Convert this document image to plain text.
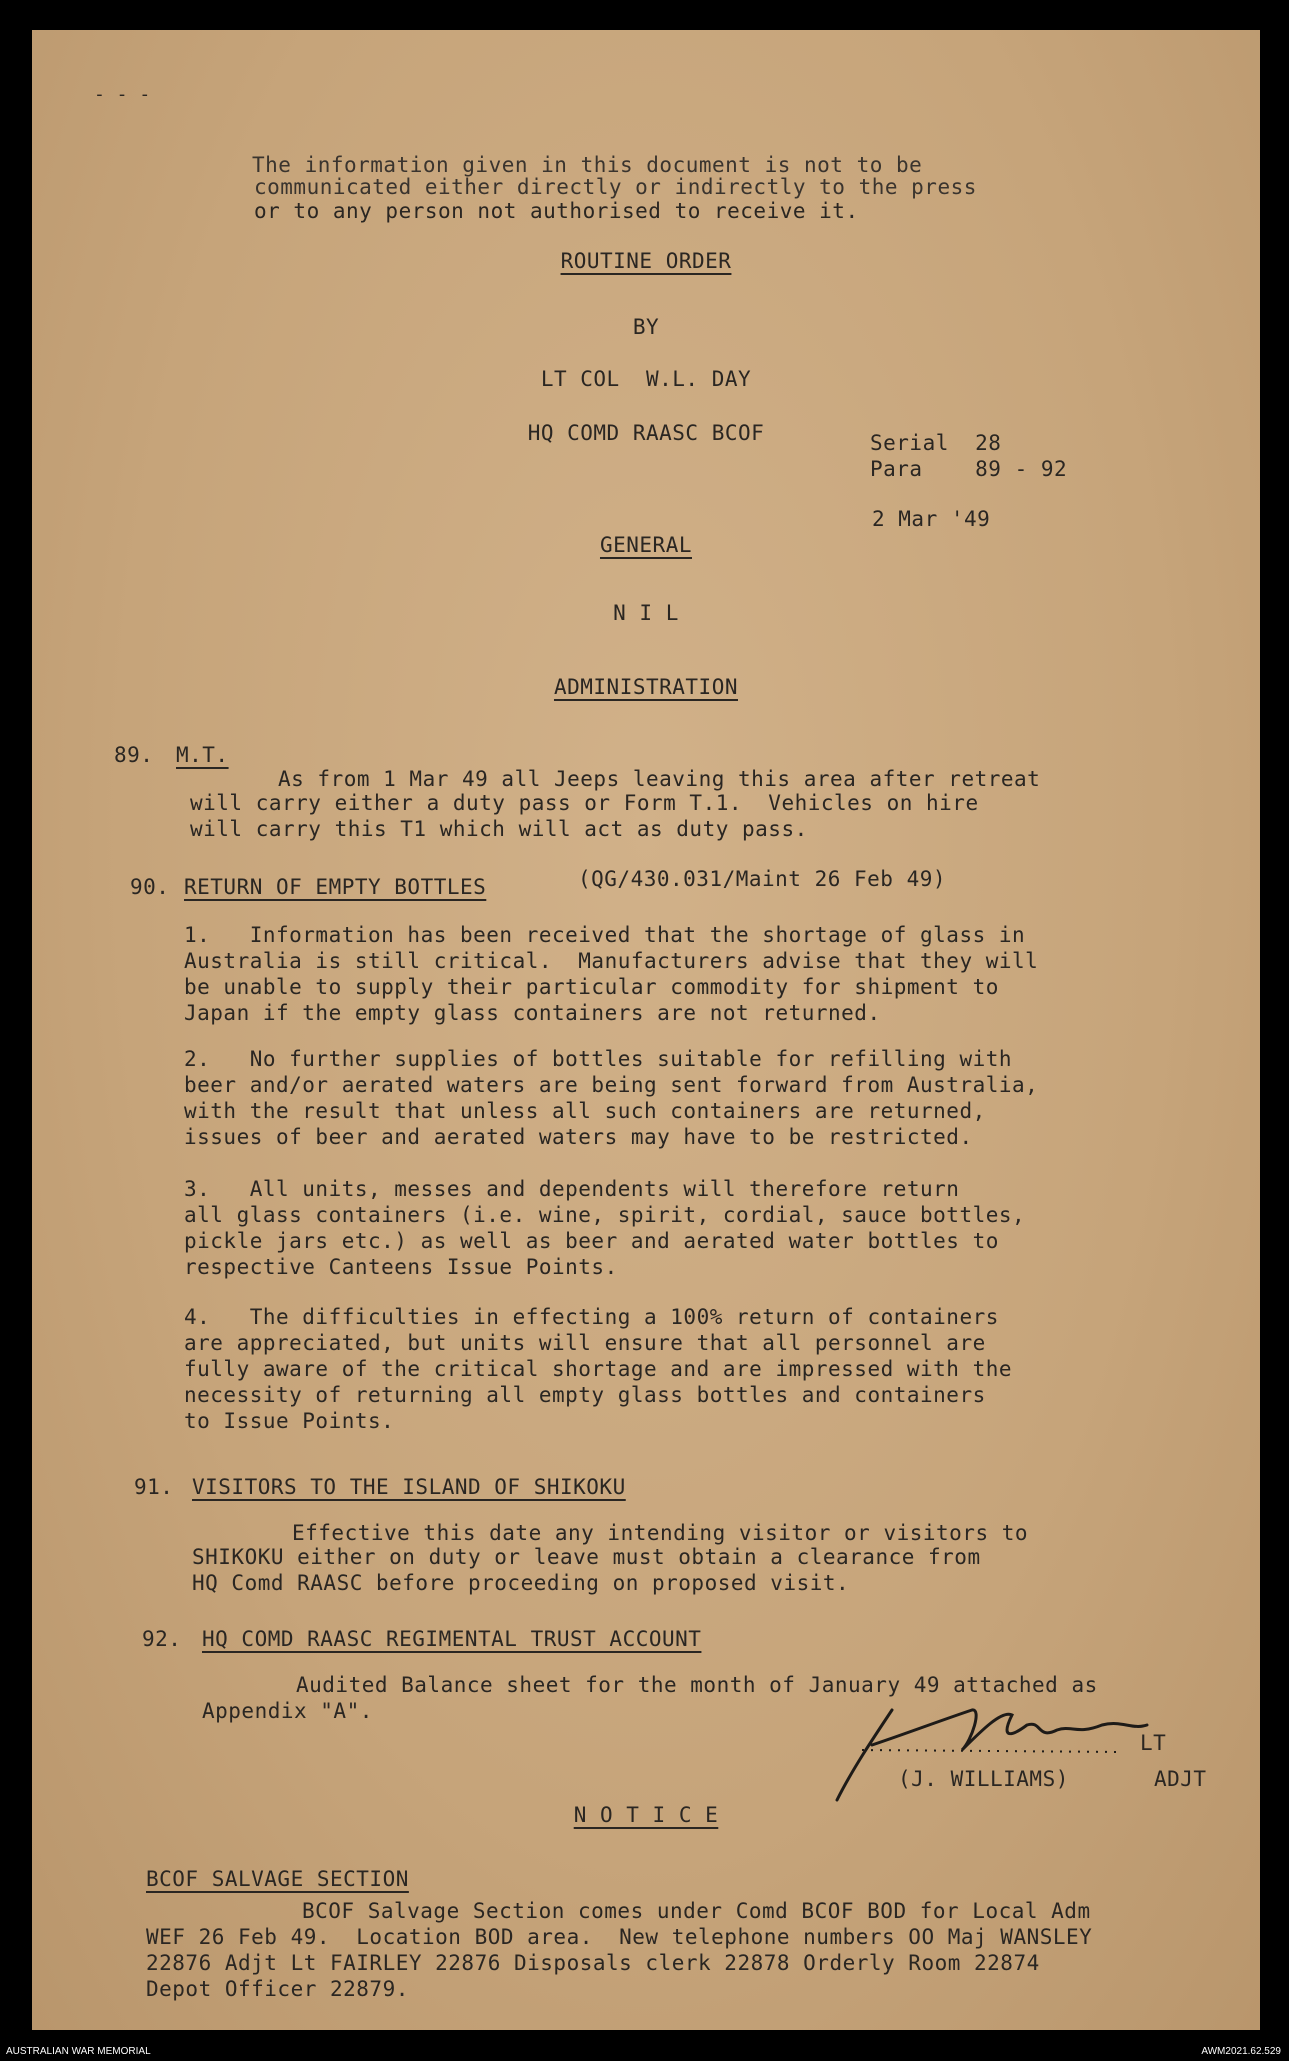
- - -
The information given in this document is not to be
communicated either directly or indirectly to the press
or to any person not authorised to receive it.
ROUTINE ORDER
BY
LT COL  W.L. DAY
HQ COMD RAASC BCOF	Serial  28
Para    89 - 92
2 Mar '49
GENERAL
N I L
ADMINISTRATION
89. M.T.
As from 1 Mar 49 all Jeeps leaving this area after retreat
will carry either a duty pass or Form T.1.  Vehicles on hire
will carry this T1 which will act as duty pass.
90. RETURN OF EMPTY BOTTLES	(QG/430.031/Maint 26 Feb 49)
1.   Information has been received that the shortage of glass in
Australia is still critical.  Manufacturers advise that they will
be unable to supply their particular commodity for shipment to
Japan if the empty glass containers are not returned.
2.   No further supplies of bottles suitable for refilling with
beer and/or aerated waters are being sent forward from Australia,
with the result that unless all such containers are returned,
issues of beer and aerated waters may have to be restricted.
3.   All units, messes and dependents will therefore return
all glass containers (i.e. wine, spirit, cordial, sauce bottles,
pickle jars etc.) as well as beer and aerated water bottles to
respective Canteens Issue Points.
4.   The difficulties in effecting a 100% return of containers
are appreciated, but units will ensure that all personnel are
fully aware of the critical shortage and are impressed with the
necessity of returning all empty glass bottles and containers
to Issue Points.
91. VISITORS TO THE ISLAND OF SHIKOKU
Effective this date any intending visitor or visitors to
SHIKOKU either on duty or leave must obtain a clearance from
HQ Comd RAASC before proceeding on proposed visit.
92. HQ COMD RAASC REGIMENTAL TRUST ACCOUNT
Audited Balance sheet for the month of January 49 attached as
Appendix "A".
LT
(J. WILLIAMS)	ADJT
N O T I C E
BCOF SALVAGE SECTION
BCOF Salvage Section comes under Comd BCOF BOD for Local Adm
WEF 26 Feb 49.  Location BOD area.  New telephone numbers OO Maj WANSLEY
22876 Adjt Lt FAIRLEY 22876 Disposals clerk 22878 Orderly Room 22874
Depot Officer 22879.
AUSTRALIAN WAR MEMORIAL	AWM2021.62.529
